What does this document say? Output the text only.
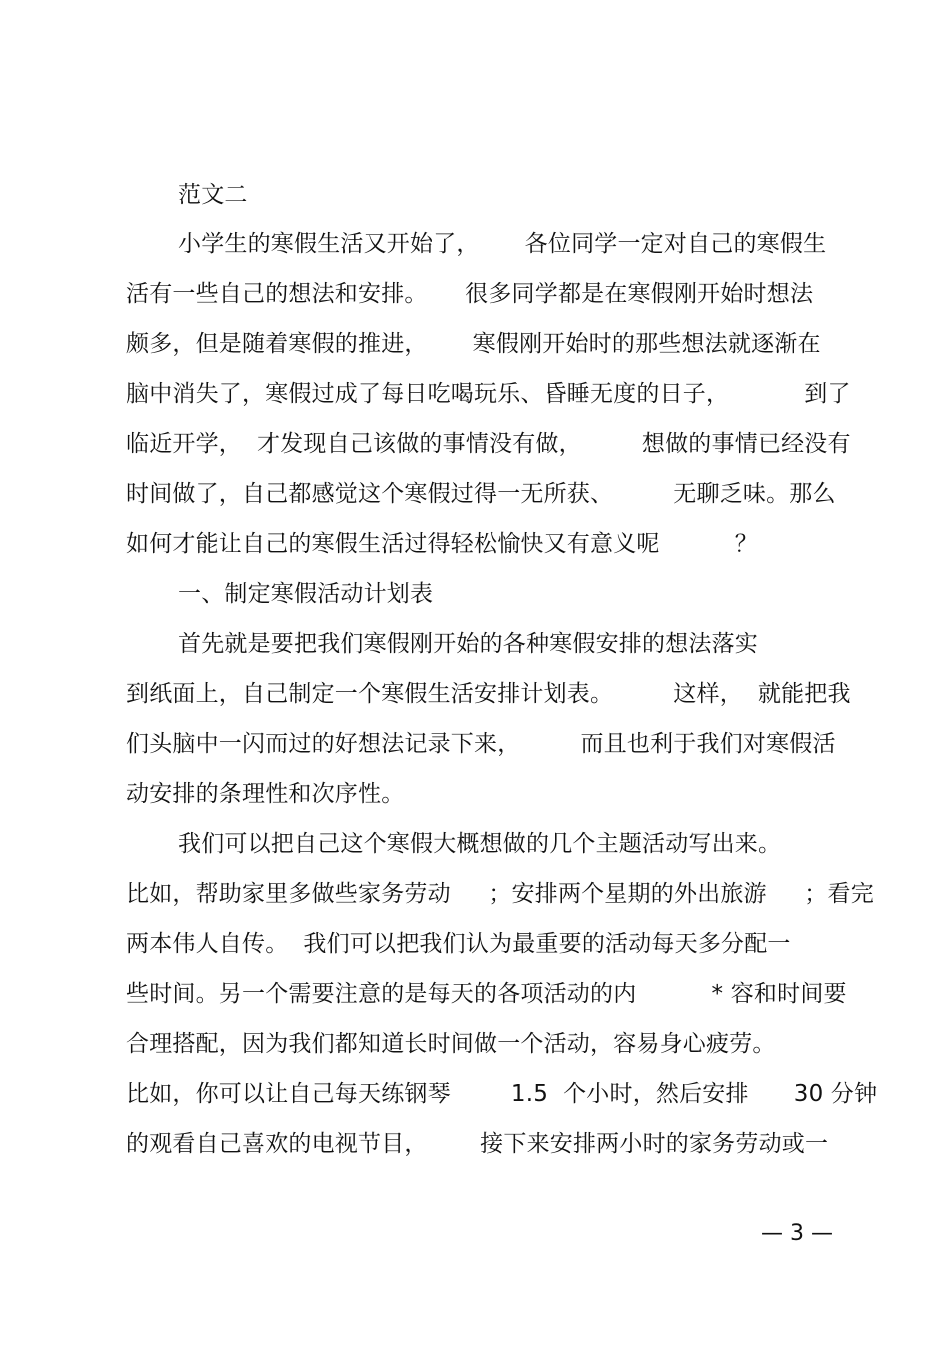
范文二
小学生的寒假生活又开始了，      各位同学一定对自己的寒假生
活有一些自己的想法和安排。     很多同学都是在寒假刚开始时想法
颇多，但是随着寒假的推进，      寒假刚开始时的那些想法就逐渐在
脑中消失了，寒假过成了每日吃喝玩乐、昏睡无度的日子，          到了
临近开学，  才发现自己该做的事情没有做，        想做的事情已经没有
时间做了，自己都感觉这个寒假过得一无所获、        无聊乏味。那么
如何才能让自己的寒假生活过得轻松愉快又有意义呢          ？
一、制定寒假活动计划表
首先就是要把我们寒假刚开始的各种寒假安排的想法落实
到纸面上，自己制定一个寒假生活安排计划表。        这样，  就能把我
们头脑中一闪而过的好想法记录下来，        而且也利于我们对寒假活
动安排的条理性和次序性。
我们可以把自己这个寒假大概想做的几个主题活动写出来。
比如，帮助家里多做些家务劳动     ；安排两个星期的外出旅游     ；看完
两本伟人自传。  我们可以把我们认为最重要的活动每天多分配一
些时间。另一个需要注意的是每天的各项活动的内          * 容和时间要
合理搭配，因为我们都知道长时间做一个活动，容易身心疲劳。
比如，你可以让自己每天练钢琴        1.5  个小时，然后安排      30 分钟
的观看自己喜欢的电视节目，       接下来安排两小时的家务劳动或一
— 3 —
